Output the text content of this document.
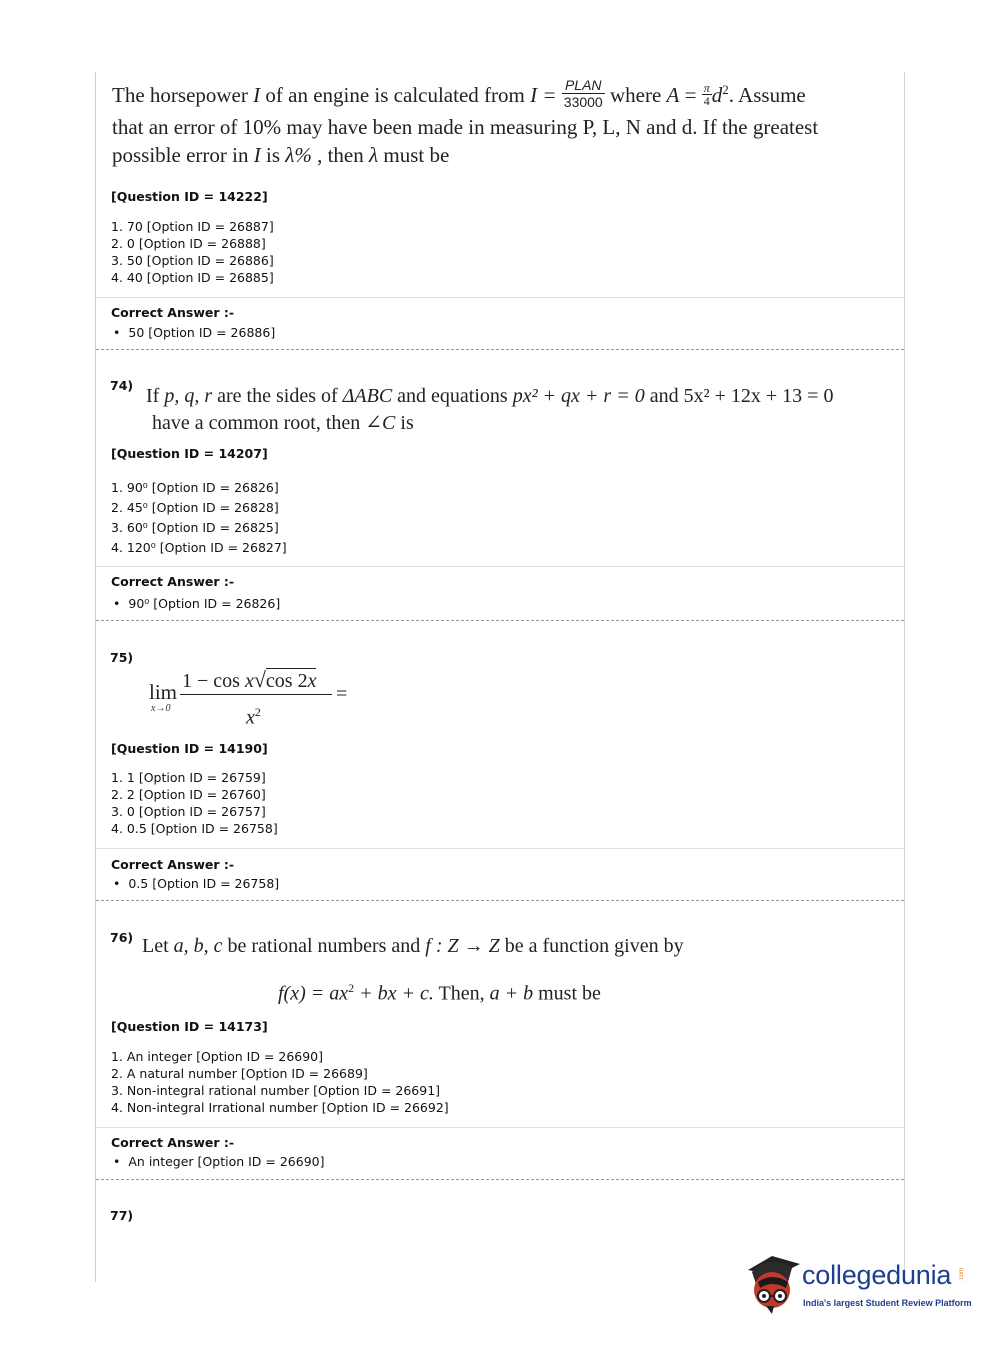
The horsepower I of an engine is calculated from $I = \frac{\text{PLAN}}{33000}$ where $A = \frac{\pi}{4} d^2$. Assume
that an error of 10% may have been made in measuring P, L, N and d. If the greatest
possible error in I is λ% , then λ must be
[Question ID = 14222]
1. 70 [Option ID = 26887]
2. 0 [Option ID = 26888]
3. 50 [Option ID = 26886]
4. 40 [Option ID = 26885]
Correct Answer :-
• 50 [Option ID = 26886]
74) If p, q, r are the sides of ΔABC and equations px² + qx + r = 0 and 5x² + 12x + 13 = 0
have a common root, then ∠C is
[Question ID = 14207]
1. 90⁰ [Option ID = 26826]
2. 45⁰ [Option ID = 26828]
3. 60⁰ [Option ID = 26825]
4. 120⁰ [Option ID = 26827]
Correct Answer :-
• 90⁰ [Option ID = 26826]
75)
lim
x→0
1 − cos x√cos 2x
$x^2$
=
[Question ID = 14190]
1. 1 [Option ID = 26759]
2. 2 [Option ID = 26760]
3. 0 [Option ID = 26757]
4. 0.5 [Option ID = 26758]
Correct Answer :-
• 0.5 [Option ID = 26758]
76) Let a, b, c be rational numbers and f : Z → Z be a function given by
$f(x) = ax^2$ + bx + c. Then, a + b must be
[Question ID = 14173]
1. An integer [Option ID = 26690]
2. A natural number [Option ID = 26689]
3. Non-integral rational number [Option ID = 26691]
4. Non-integral Irrational number [Option ID = 26692]
Correct Answer :-
• An integer [Option ID = 26690]
77)
collegedunia .com
India's largest Student Review Platform
